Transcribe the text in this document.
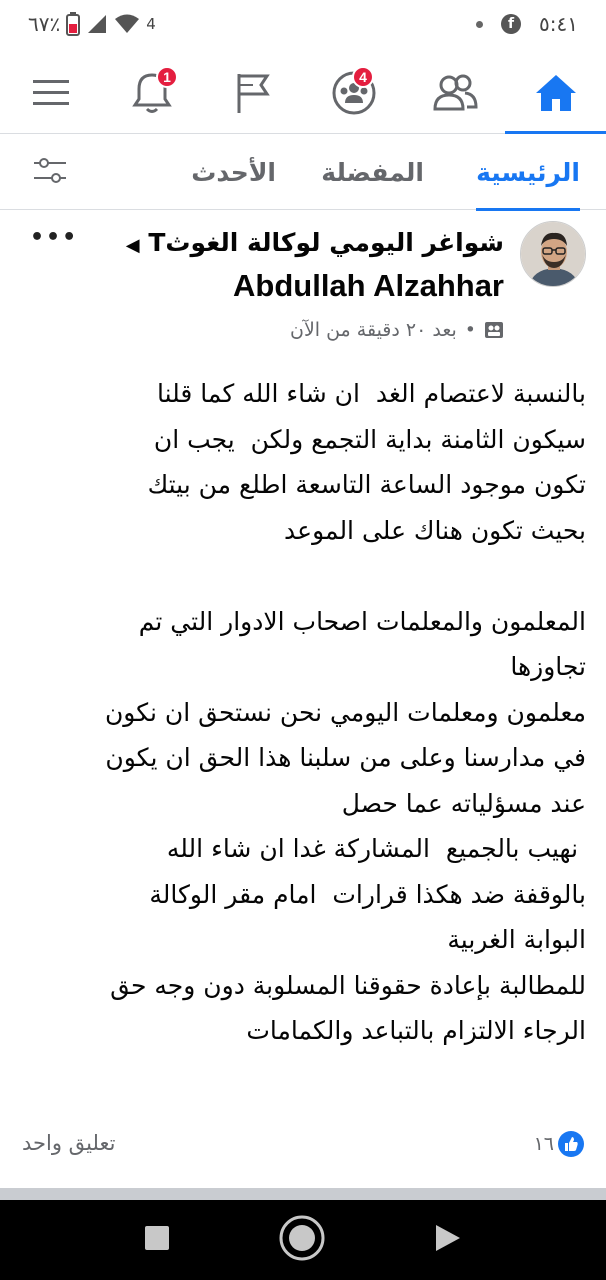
٦٧٪	4	f	٥:٤١
4
1
الرئيسية
المفضلة
الأحدث
شواغر اليومي لوكالة الغوثT ◀
Abdullah Alzahhar
•••
بعد ٢٠ دقيقة من الآن •
بالنسبة لاعتصام الغد  ان شاء الله كما قلنا
سيكون الثامنة بداية التجمع ولكن  يجب ان
تكون موجود الساعة التاسعة اطلع من بيتك
بحيث تكون هناك على الموعد

المعلمون والمعلمات اصحاب الادوار التي تم
تجاوزها
معلمون ومعلمات اليومي نحن نستحق ان نكون
في مدارسنا وعلى من سلبنا هذا الحق ان يكون
عند مسؤلياته عما حصل
نهيب بالجميع  المشاركة غدا ان شاء الله
بالوقفة ضد هكذا قرارات  امام مقر الوكالة
البوابة الغربية
للمطالبة بإعادة حقوقنا المسلوبة دون وجه حق
الرجاء الالتزام بالتباعد والكمامات
١٦
تعليق واحد
